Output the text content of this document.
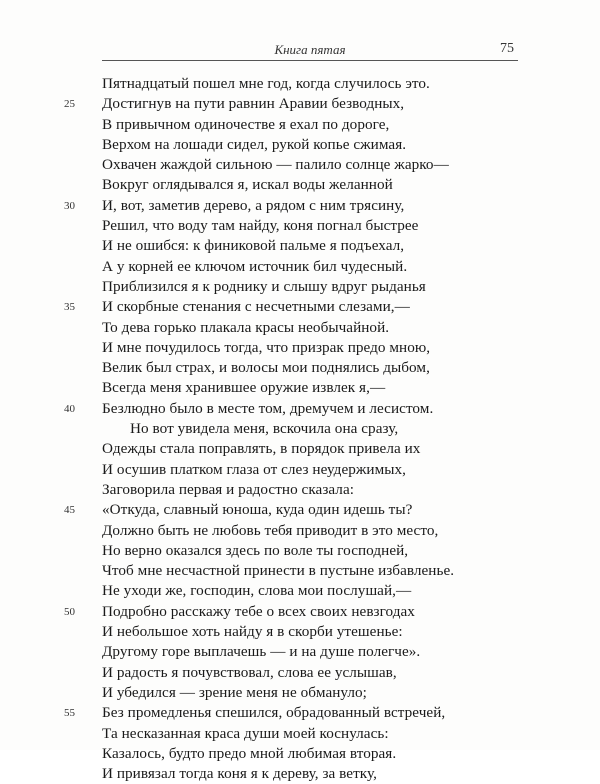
Книга пятая	75
Пятнадцатый пошел мне год, когда случилось это.
25	Достигнув на пути равнин Аравии безводных,
В привычном одиночестве я ехал по дороге,
Верхом на лошади сидел, рукой копье сжимая.
Охвачен жаждой сильною — палило солнце жарко—
Вокруг оглядывался я, искал воды желанной
30	И, вот, заметив дерево, а рядом с ним трясину,
Решил, что воду там найду, коня погнал быстрее
И не ошибся: к финиковой пальме я подъехал,
А у корней ее ключом источник бил чудесный.
Приблизился я к роднику и слышу вдруг рыданья
35	И скорбные стенания с несчетными слезами,—
То дева горько плакала красы необычайной.
И мне почудилось тогда, что призрак предо мною,
Велик был страх, и волосы мои поднялись дыбом,
Всегда меня хранившее оружие извлек я,—
40	Безлюдно было в месте том, дремучем и лесистом.
Но вот увидела меня, вскочила она сразу,
Одежды стала поправлять, в порядок привела их
И осушив платком глаза от слез неудержимых,
Заговорила первая и радостно сказала:
45	«Откуда, славный юноша, куда один идешь ты?
Должно быть не любовь тебя приводит в это место,
Но верно оказался здесь по воле ты господней,
Чтоб мне несчастной принести в пустыне избавленье.
Не уходи же, господин, слова мои послушай,—
50	Подробно расскажу тебе о всех своих невзгодах
И небольшое хоть найду я в скорби утешенье:
Другому горе выплачешь — и на душе полегче».
И радость я почувствовал, слова ее услышав,
И убедился — зрение меня не обмануло;
55	Без промедленья спешился, обрадованный встречей,
Та несказанная краса души моей коснулась:
Казалось, будто предо мной любимая вторая.
И привязал тогда коня я к дереву, за ветку,
